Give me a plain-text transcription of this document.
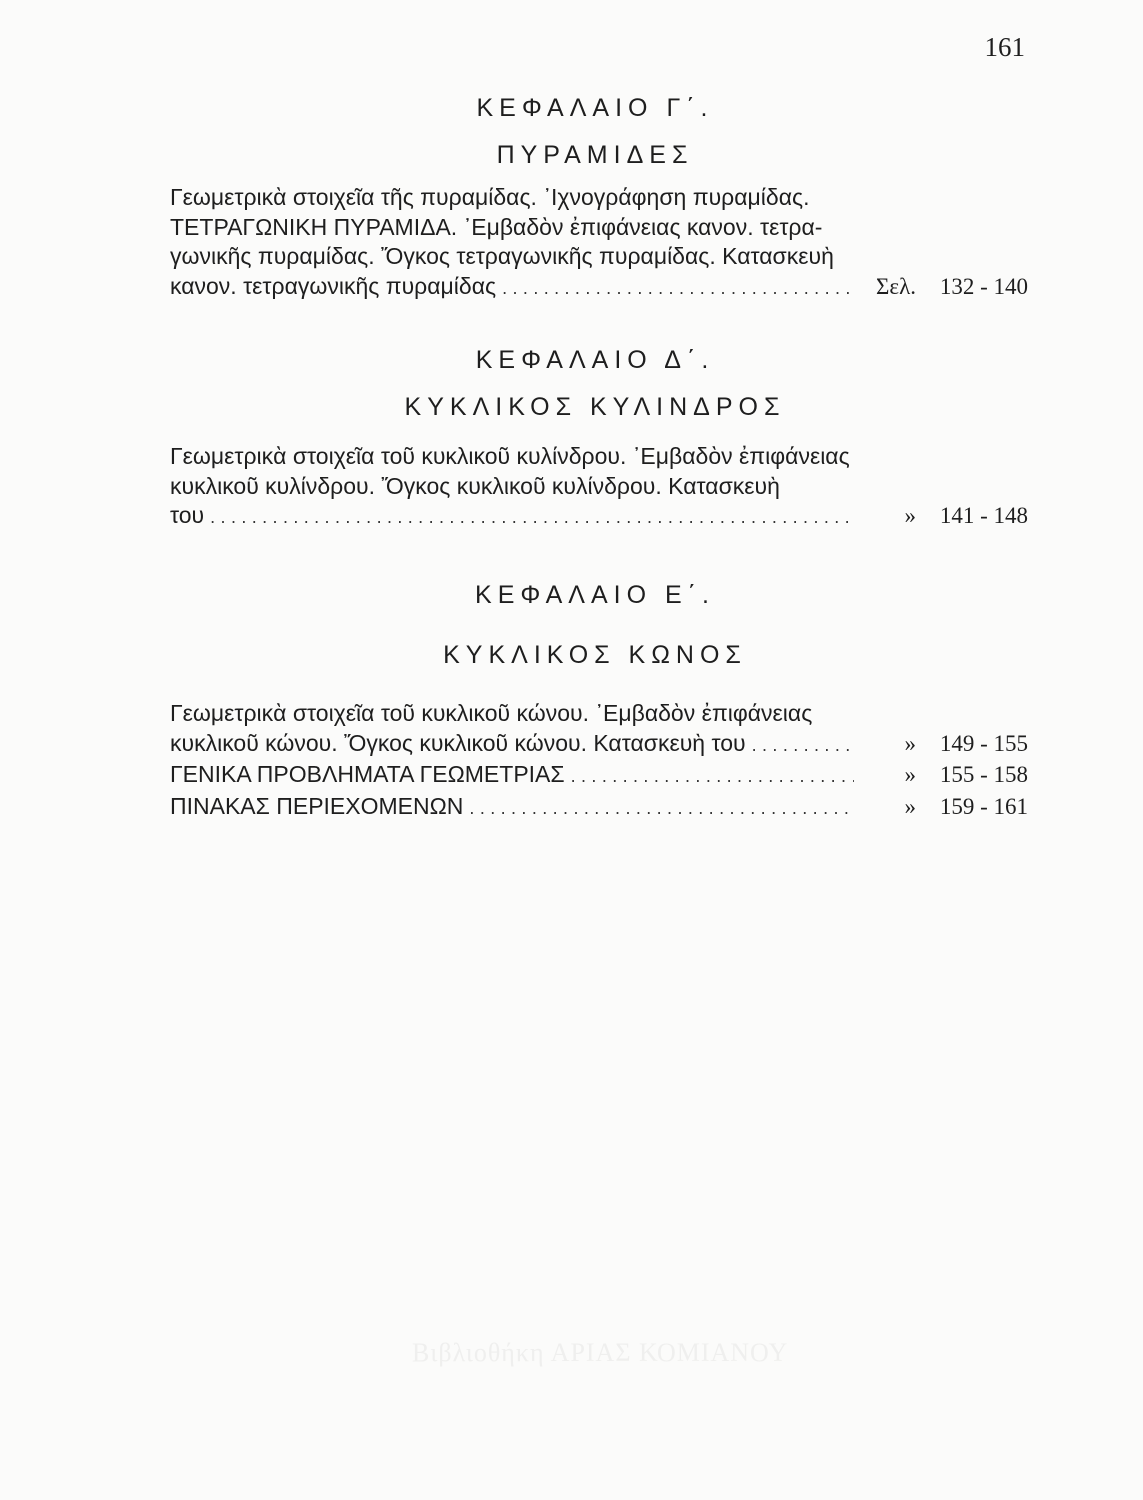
161
ΚΕΦΑΛΑΙΟ Γ΄.
ΠΥΡΑΜΙΔΕΣ
Γεωμετρικὰ στοιχεῖα τῆς πυραμίδας. ᾿Ιχνογράφηση πυραμίδας.
ΤΕΤΡΑΓΩΝΙΚΗ ΠΥΡΑΜΙΔΑ. ᾿Εμβαδὸν ἐπιφάνειας κανον. τετρα-
γωνικῆς πυραμίδας. Ὄγκος τετραγωνικῆς πυραμίδας. Κατασκευὴ
κανον. τετραγωνικῆς πυραμίδας . . .	Σελ.	132 - 140
ΚΕΦΑΛΑΙΟ Δ΄.
ΚΥΚΛΙΚΟΣ ΚΥΛΙΝΔΡΟΣ
Γεωμετρικὰ στοιχεῖα τοῦ κυκλικοῦ κυλίνδρου. ᾿Εμβαδὸν ἐπιφάνειας
κυκλικοῦ κυλίνδρου. Ὄγκος κυκλικοῦ κυλίνδρου. Κατασκευὴ
του . . .	»	141 - 148
ΚΕΦΑΛΑΙΟ Ε΄.
ΚΥΚΛΙΚΟΣ ΚΩΝΟΣ
Γεωμετρικὰ στοιχεῖα τοῦ κυκλικοῦ κώνου. ᾿Εμβαδὸν ἐπιφάνειας
κυκλικοῦ κώνου. Ὄγκος κυκλικοῦ κώνου. Κατασκευὴ του . . .	»	149 - 155
ΓΕΝΙΚΑ ΠΡΟΒΛΗΜΑΤΑ ΓΕΩΜΕΤΡΙΑΣ . . .	»	155 - 158
ΠΙΝΑΚΑΣ ΠΕΡΙΕΧΟΜΕΝΩΝ . . .	»	159 - 161
Βιβλιοθήκη ΑΡΙΑΣ ΚΟΜΙΑΝΟΥ
